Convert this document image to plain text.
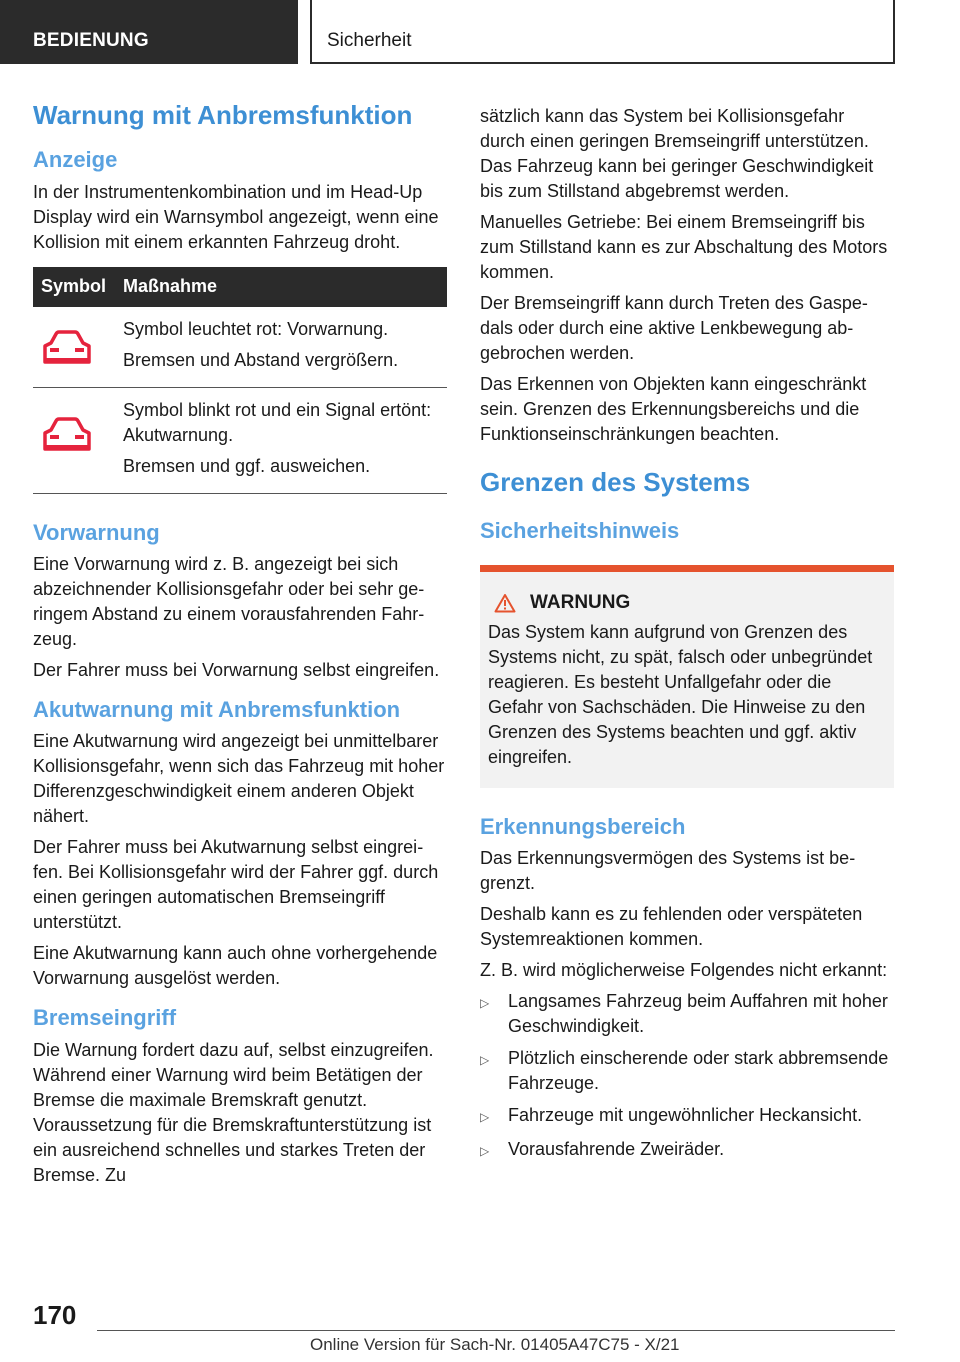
BEDIENUNG	Sicherheit
Warnung mit Anbremsfunktion
Anzeige

In der Instrumentenkombination und im Head-Up Display wird ein Warnsymbol angezeigt, wenn eine Kollision mit einem erkannten Fahrzeug droht.

Symbol	Maßnahme

Symbol leuchtet rot: Vorwarnung.

Bremsen und Abstand vergrößern.

Symbol blinkt rot und ein Signal ertönt: Akutwarnung.

Bremsen und ggf. ausweichen.

Vorwarnung

Eine Vorwarnung wird z. B. angezeigt bei sich abzeichnender Kollisionsgefahr oder bei sehr geringem Abstand zu einem vorausfahrenden Fahrzeug.

Der Fahrer muss bei Vorwarnung selbst eingreifen.

Akutwarnung mit Anbremsfunktion

Eine Akutwarnung wird angezeigt bei unmittelbarer Kollisionsgefahr, wenn sich das Fahrzeug mit hoher Differenzgeschwindigkeit einem anderen Objekt nähert.

Der Fahrer muss bei Akutwarnung selbst eingreifen. Bei Kollisionsgefahr wird der Fahrer ggf. durch einen geringen automatischen Bremseingriff unterstützt.

Eine Akutwarnung kann auch ohne vorhergehende Vorwarnung ausgelöst werden.

Bremseingriff

Die Warnung fordert dazu auf, selbst einzugreifen. Während einer Warnung wird beim Betätigen der Bremse die maximale Bremskraft genutzt. Voraussetzung für die Bremskraftunterstützung ist ein ausreichend schnelles und starkes Treten der Bremse. Zu

sätzlich kann das System bei Kollisionsgefahr durch einen geringen Bremseingriff unterstützen. Das Fahrzeug kann bei geringer Geschwindigkeit bis zum Stillstand abgebremst werden.

Manuelles Getriebe: Bei einem Bremseingriff bis zum Stillstand kann es zur Abschaltung des Motors kommen.

Der Bremseingriff kann durch Treten des Gaspedals oder durch eine aktive Lenkbewegung abgebrochen werden.

Das Erkennen von Objekten kann eingeschränkt sein. Grenzen des Erkennungsbereichs und die Funktionseinschränkungen beachten.

Grenzen des Systems
Sicherheitshinweis
WARNUNG

Das System kann aufgrund von Grenzen des Systems nicht, zu spät, falsch oder unbegründet reagieren. Es besteht Unfallgefahr oder die Gefahr von Sachschäden. Die Hinweise zu den Grenzen des Systems beachten und ggf. aktiv eingreifen.

Erkennungsbereich

Das Erkennungsvermögen des Systems ist begrenzt.

Deshalb kann es zu fehlenden oder verspäteten Systemreaktionen kommen.

Z. B. wird möglicherweise Folgendes nicht erkannt:

▷	Langsames Fahrzeug beim Auffahren mit hoher Geschwindigkeit.
▷	Plötzlich einscherende oder stark abbremsende Fahrzeuge.
▷	Fahrzeuge mit ungewöhnlicher Heckansicht.
▷	Vorausfahrende Zweiräder.
170
Online Version für Sach-Nr. 01405A47C75 - X/21
